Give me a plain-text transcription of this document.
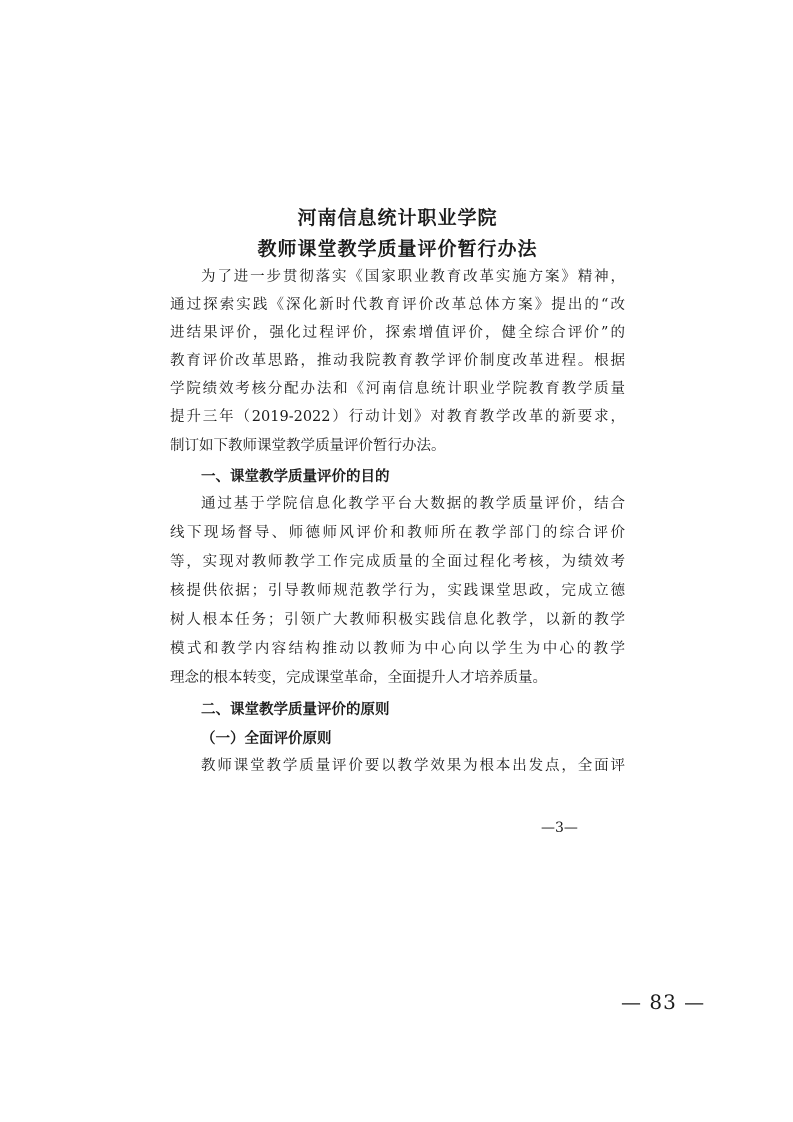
河南信息统计职业学院
教师课堂教学质量评价暂行办法
为了进一步贯彻落实《国家职业教育改革实施方案》精神，
通过探索实践《深化新时代教育评价改革总体方案》提出的“改
进结果评价，强化过程评价，探索增值评价，健全综合评价”的
教育评价改革思路，推动我院教育教学评价制度改革进程。根据
学院绩效考核分配办法和《河南信息统计职业学院教育教学质量
提升三年（2019-2022）行动计划》对教育教学改革的新要求，
制订如下教师课堂教学质量评价暂行办法。
一、课堂教学质量评价的目的
通过基于学院信息化教学平台大数据的教学质量评价，结合
线下现场督导、师德师风评价和教师所在教学部门的综合评价
等，实现对教师教学工作完成质量的全面过程化考核，为绩效考
核提供依据；引导教师规范教学行为，实践课堂思政，完成立德
树人根本任务；引领广大教师积极实践信息化教学，以新的教学
模式和教学内容结构推动以教师为中心向以学生为中心的教学
理念的根本转变，完成课堂革命，全面提升人才培养质量。
二、课堂教学质量评价的原则
（一）全面评价原则
教师课堂教学质量评价要以教学效果为根本出发点，全面评
—3—
— 83 —
